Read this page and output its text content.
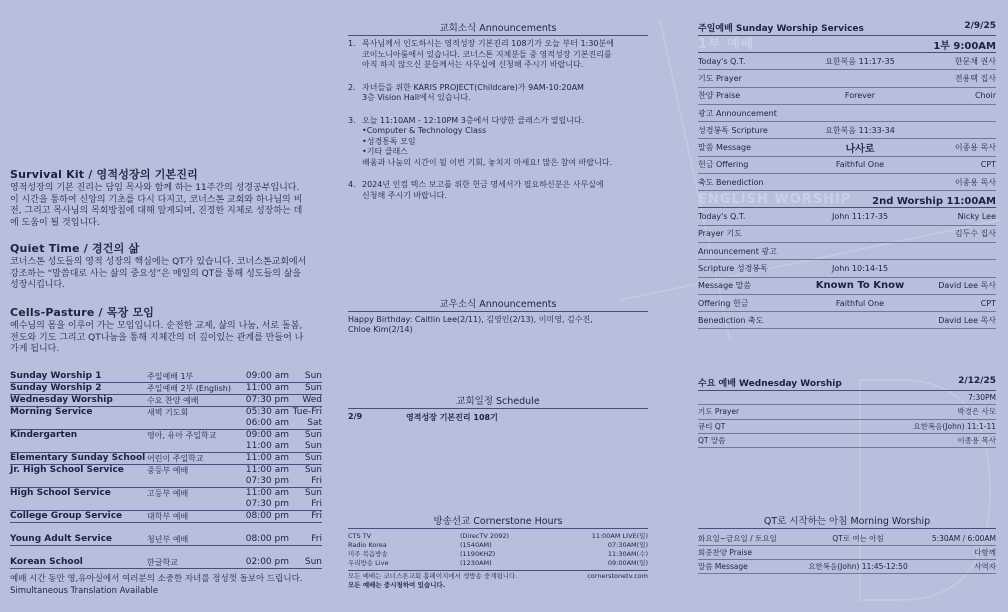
Survival Kit / 영적성장의 기본진리
영적성장의 기본 진리는 담임 목사와 함께 하는 11주간의 성경공부입니다. 이 시간을 통하여 신앙의 기초를 다시 다지고, 코너스톤 교회와 하나님의 비전, 그리고 목사님의 목회방침에 대해 알게되며, 진정한 지체로 성장하는 데에 도움이 될 것입니다.
Quiet Time / 경건의 삶
코너스톤 성도들의 영적 성장의 핵심에는 QT가 있습니다. 코너스톤교회에서 강조하는 “말씀대로 사는 삶의 중요성”은 매일의 QT를 통해 성도들의 삶을 성장시킵니다.
Cells-Pasture / 목장 모임
예수님의 몸을 이루어 가는 모임입니다. 순전한 교제, 삶의 나눔, 서로 돌봄, 전도와 기도 그리고 QT나눔을 통해 지체간의 더 깊이있는 관계를 만들어 나가게 됩니다.
Sunday Worship 1	주일예배 1부	09:00 am	Sun
Sunday Worship 2	주일예배 2부 (English)	11:00 am	Sun
Wednesday Worship	수요 찬양 예배	07:30 pm	Wed
Morning Service	새벽 기도회	05:30 am Tue-Fri
06:00 am	Sat
Kindergarten	영아, 유아 주일학교	09:00 am	Sun
11:00 am	Sun
Elementary Sunday School 어린이 주일학교	11:00 am	Sun
Jr. High School Service	중등부 예배	11:00 am	Sun
07:30 pm	Fri
High School Service	고등부 예배	11:00 am	Sun
07:30 pm	Fri
College Group Service	대학부 예배	08:00 pm	Fri
Young Adult Service	청년부 예배	08:00 pm	Fri
Korean School	한글학교	02:00 pm	Sun
예배 시간 동안 영,유아실에서 여러분의 소중한 자녀를 정성껏 돌보아 드립니다.
Simultaneous Translation Available
교회소식 Announcements
1. 목사님께서 인도하시는 영적성장 기본진리 108기가 오늘 부터 1:30분에
코이노니아룸에서 있습니다. 코너스톤 지체분들 중 영적성장 기본진리를
아직 하지 않으신 분들께서는 사무실에 신청해 주시기 바랍니다.
2. 자녀들을 위한 KARIS PROJECT(Childcare)가 9AM-10:20AM
3층 Vision Hall에서 있습니다.
3. 오늘 11:10AM - 12:10PM 3층에서 다양한 클래스가 열립니다.
•Computer & Technology Class
•성경통독 모임
•기타 클래스
배움과 나눔의 시간이 될 이번 기회, 놓치지 마세요! 많은 참여 바랍니다.
4. 2024년 인컴 텍스 보고를 위한 헌금 명세서가 필요하신분은 사무실에
신청해 주시기 바랍니다.
교우소식 Announcements
Happy Birthday: Caitlin Lee(2/11), 김영인(2/13), 이미영, 김수진,
Chloe Kim(2/14)
교회일정 Schedule
2/9	영적성장 기본진리 108기
방송선교 Cornerstone Hours
CTS TV	(DirecTV 2092)	11:00AM LIVE(일)
Radio Korea	(1540AM)	07:30AM(일)
미주 복음방송	(1190KHZ)	11:30AM(수)
우리방송 Live	(1230AM)	09:00AM(일)
모든 예배는 코너스톤교회 홈페이지에서 생방송 중계됩니다.	cornerstonetv.com
모든 예배는 중시청하여 있습니다.
주일예배 Sunday Worship Services	2/9/25
1부 예배	1부 9:00AM
Today's Q.T.	요한복음 11:17-35	한문채 권사
기도 Prayer	전용택 집사
찬양 Praise	Forever	Choir
광고 Announcement
성경봉독 Scripture	요한복음 11:33-34
말씀 Message	나사로	이종용 목사
헌금 Offering	Faithful One	CPT
축도 Benediction	이종용 목사
ENGLISH WORSHIP 2nd Worship 11:00AM
Today's Q.T.	John 11:17-35	Nicky Lee
Prayer 기도	김두수 집사
Announcement 광고
Scripture 성경봉독	John 10:14-15
Message 말씀	Known To Know	David Lee 목사
Offering 헌금	Faithful One	CPT
Benediction 축도	David Lee 목사
수요 예배 Wednesday Worship	2/12/25
7:30PM
기도 Prayer	박경은 사모
큐티 QT	요한복음(John) 11:1-11
QT 말씀	이종용 목사
QT로 시작하는 아침 Morning Worship
화요일~금요일 / 토요일	QT로 여는 아침	5:30AM / 6:00AM
회중찬양 Praise	다함께
말씀 Message	요한복음(John) 11:45-12:50	사역자
